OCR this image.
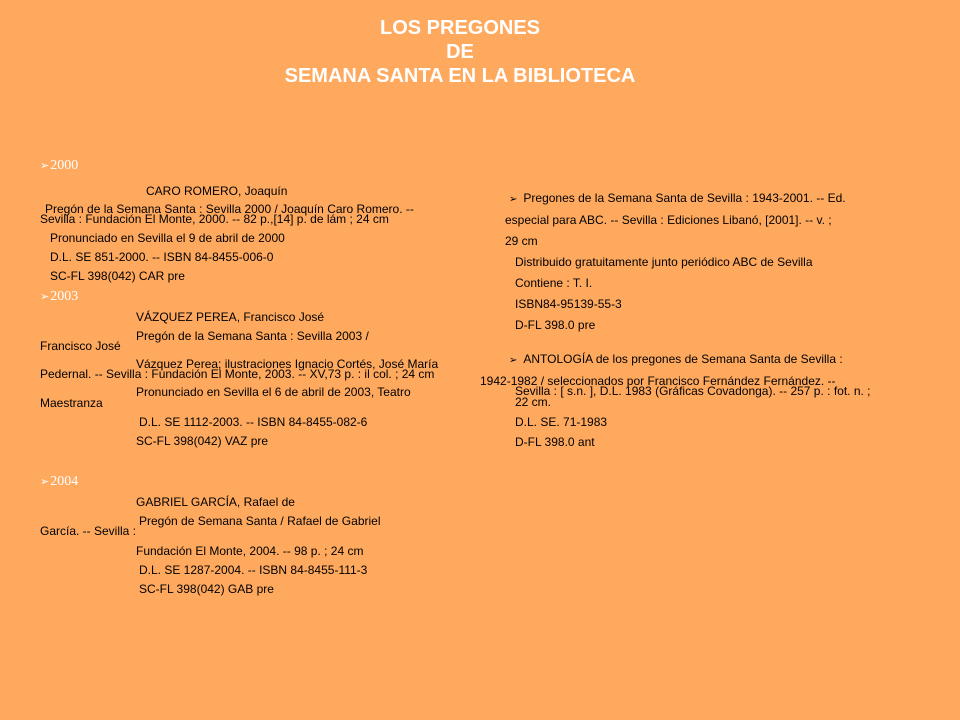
LOS PREGONES
DE
SEMANA SANTA EN LA BIBLIOTECA
➢2000
CARO ROMERO, Joaquín
Pregón de la Semana Santa : Sevilla 2000 / Joaquín Caro Romero. -- Sevilla : Fundación El Monte, 2000. -- 82 p.,[14] p. de lám ; 24 cm
Pronunciado en Sevilla el 9 de abril de 2000
D.L. SE 851-2000. -- ISBN 84-8455-006-0
SC-FL 398(042) CAR pre
➢2003
VÁZQUEZ PEREA, Francisco José
Pregón de la Semana Santa : Sevilla 2003 /
Francisco José
Vázquez Perea; ilustraciones Ignacio Cortés, José María Pedernal. -- Sevilla : Fundación El Monte, 2003. -- XV,73 p. : il col. ; 24 cm
Pronunciado en Sevilla el 6 de abril de 2003, Teatro
Maestranza
D.L. SE 1112-2003. -- ISBN 84-8455-082-6
SC-FL 398(042) VAZ pre
➢2004
GABRIEL GARCÍA, Rafael de
Pregón de Semana Santa / Rafael de Gabriel
García. -- Sevilla :
Fundación El Monte, 2004. -- 98 p. ; 24 cm
D.L. SE 1287-2004. -- ISBN 84-8455-111-3
SC-FL 398(042) GAB pre
➢ Pregones de la Semana Santa de Sevilla : 1943-2001. -- Ed.
especial para ABC. -- Sevilla : Ediciones Libanó, [2001]. -- v. ;
29 cm
Distribuido gratuitamente junto periódico ABC de Sevilla
Contiene : T. I.
ISBN84-95139-55-3
D-FL 398.0 pre
➢ ANTOLOGÍA de los pregones de Semana Santa de Sevilla :
1942-1982 / seleccionados por Francisco Fernández Fernández. --
Sevilla : [ s.n. ], D.L. 1983 (Gráficas Covadonga). -- 257 p. : fot. n. ;
22 cm.
D.L. SE. 71-1983
D-FL 398.0 ant
